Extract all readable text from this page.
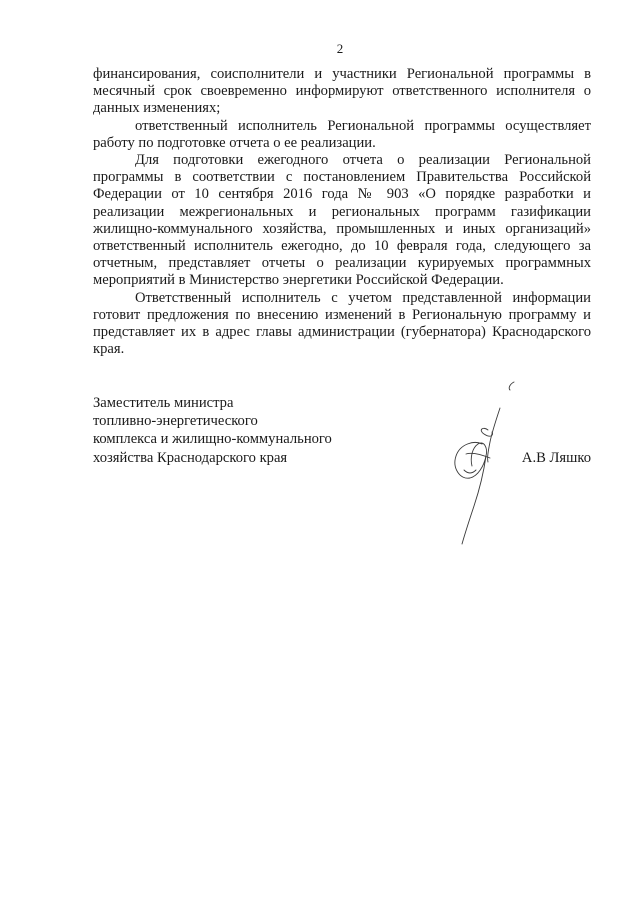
2

финансирования, соисполнители и участники Региональной программы в месячный срок своевременно информируют ответственного исполнителя о данных изменениях;

ответственный исполнитель Региональной программы осуществляет работу по подготовке отчета о ее реализации.

Для подготовки ежегодного отчета о реализации Региональной программы в соответствии с постановлением Правительства Российской Федерации от 10 сентября 2016 года № 903 «О порядке разработки и реализации межрегиональных и региональных программ газификации жилищно-коммунального хозяйства, промышленных и иных организаций» ответственный исполнитель ежегодно, до 10 февраля года, следующего за отчетным, представляет отчеты о реализации курируемых программных мероприятий в Министерство энергетики Российской Федерации.

Ответственный исполнитель с учетом представленной информации готовит предложения по внесению изменений в Региональную программу и представляет их в адрес главы администрации (губернатора) Краснодарского края.

Заместитель министра
топливно-энергетического
комплекса и жилищно-коммунального
хозяйства Краснодарского края	А.В Ляшко
